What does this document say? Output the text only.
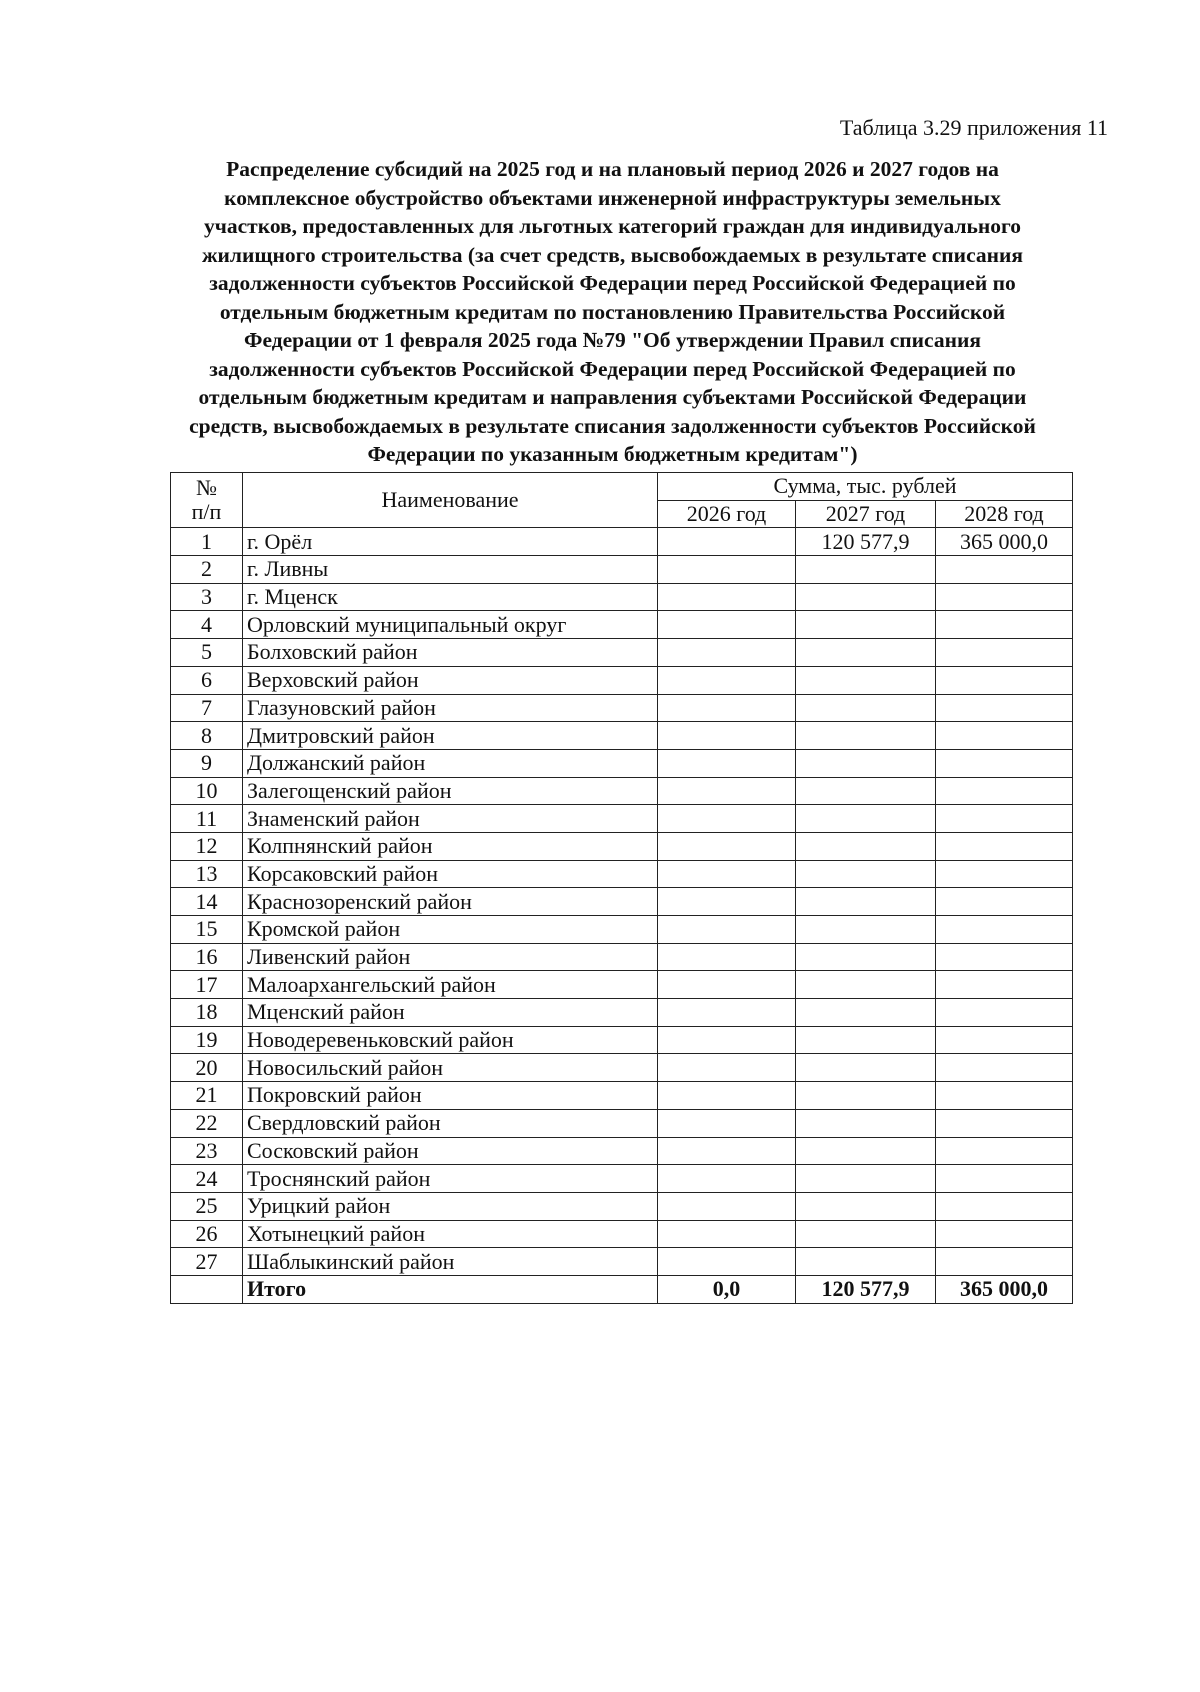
Таблица 3.29 приложения 11
Распределение субсидий на 2025 год и на плановый период 2026 и 2027 годов на
комплексное обустройство объектами инженерной инфраструктуры земельных
участков, предоставленных для льготных категорий граждан для индивидуального
жилищного строительства (за счет средств, высвобождаемых в результате списания
задолженности субъектов Российской Федерации перед Российской Федерацией по
отдельным бюджетным кредитам по постановлению Правительства Российской
Федерации от 1 февраля 2025 года №79 "Об утверждении Правил списания
задолженности субъектов Российской Федерации перед Российской Федерацией по
отдельным бюджетным кредитам и направления субъектами Российской Федерации
средств, высвобождаемых в результате списания задолженности субъектов Российской
Федерации по указанным бюджетным кредитам")
№
п/п	Наименование	Сумма, тыс. рублей		
		2026 год	2027 год	2028 год
1	г. Орёл		120 577,9	365 000,0
2	г. Ливны			
3	г. Мценск			
4	Орловский муниципальный округ			
5	Болховский район			
6	Верховский район			
7	Глазуновский район			
8	Дмитровский район			
9	Должанский район			
10	Залегощенский район			
11	Знаменский район			
12	Колпнянский район			
13	Корсаковский район			
14	Краснозоренский район			
15	Кромской район			
16	Ливенский район			
17	Малоархангельский район			
18	Мценский район			
19	Новодеревеньковский район			
20	Новосильский район			
21	Покровский район			
22	Свердловский район			
23	Сосковский район			
24	Троснянский район			
25	Урицкий район			
26	Хотынецкий район			
27	Шаблыкинский район			
	Итого	0,0	120 577,9	365 000,0
